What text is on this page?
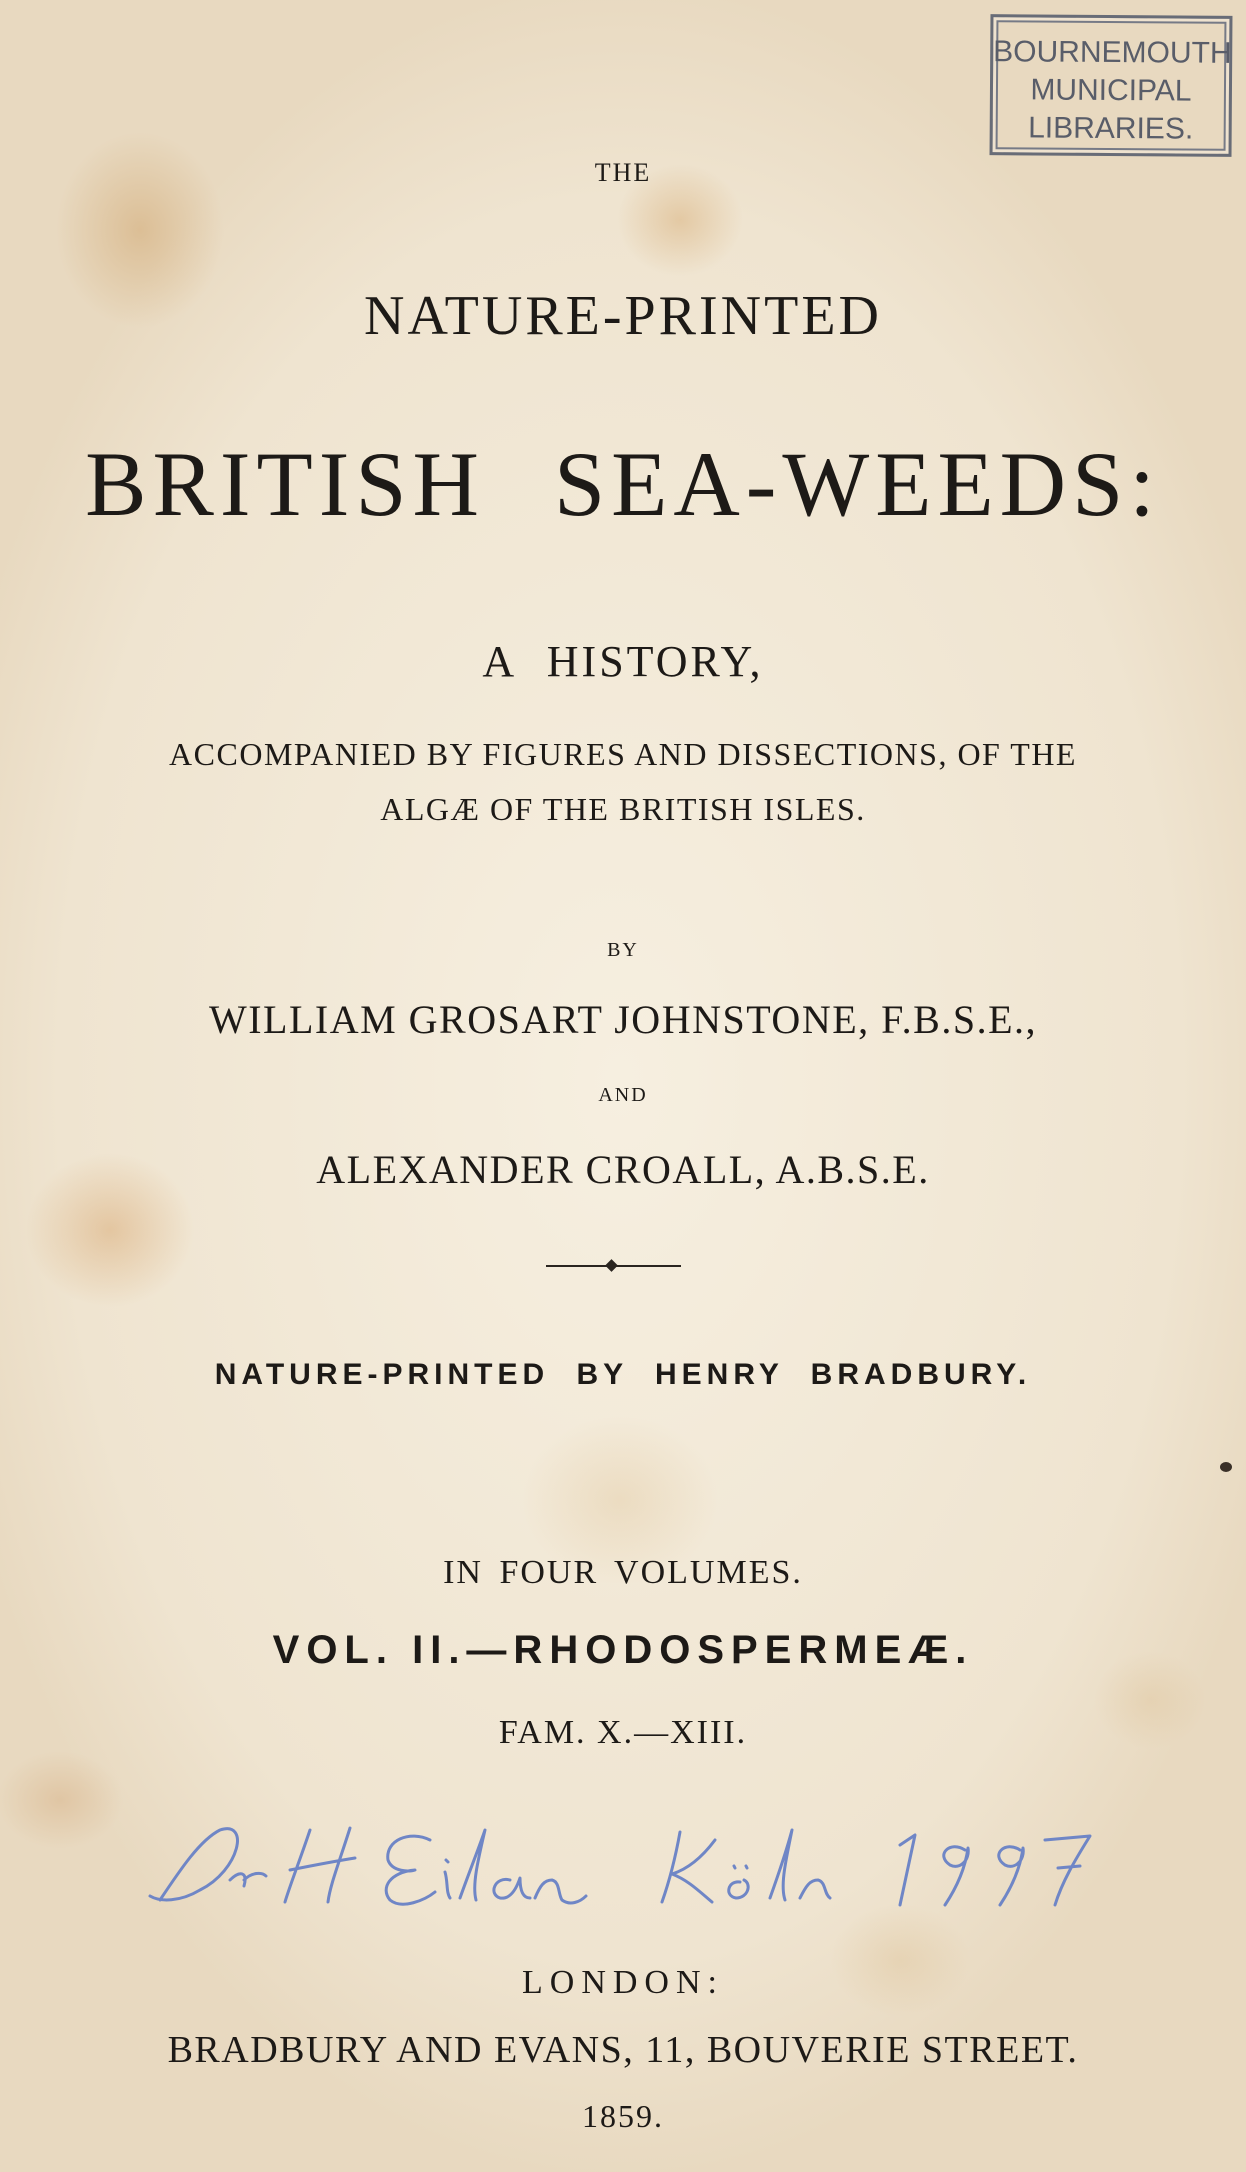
BOURNEMOUTH
MUNICIPAL
LIBRARIES.

THE

NATURE-PRINTED

BRITISH SEA-WEEDS:

A HISTORY,

ACCOMPANIED BY FIGURES AND DISSECTIONS, OF THE

ALGÆ OF THE BRITISH ISLES.

BY

WILLIAM GROSART JOHNSTONE, F.B.S.E.,

AND

ALEXANDER CROALL, A.B.S.E.

NATURE-PRINTED BY HENRY BRADBURY.

IN FOUR VOLUMES.

VOL. II.—RHODOSPERMEÆ.

FAM. X.—XIII.

LONDON:

BRADBURY AND EVANS, 11, BOUVERIE STREET.

1859.
